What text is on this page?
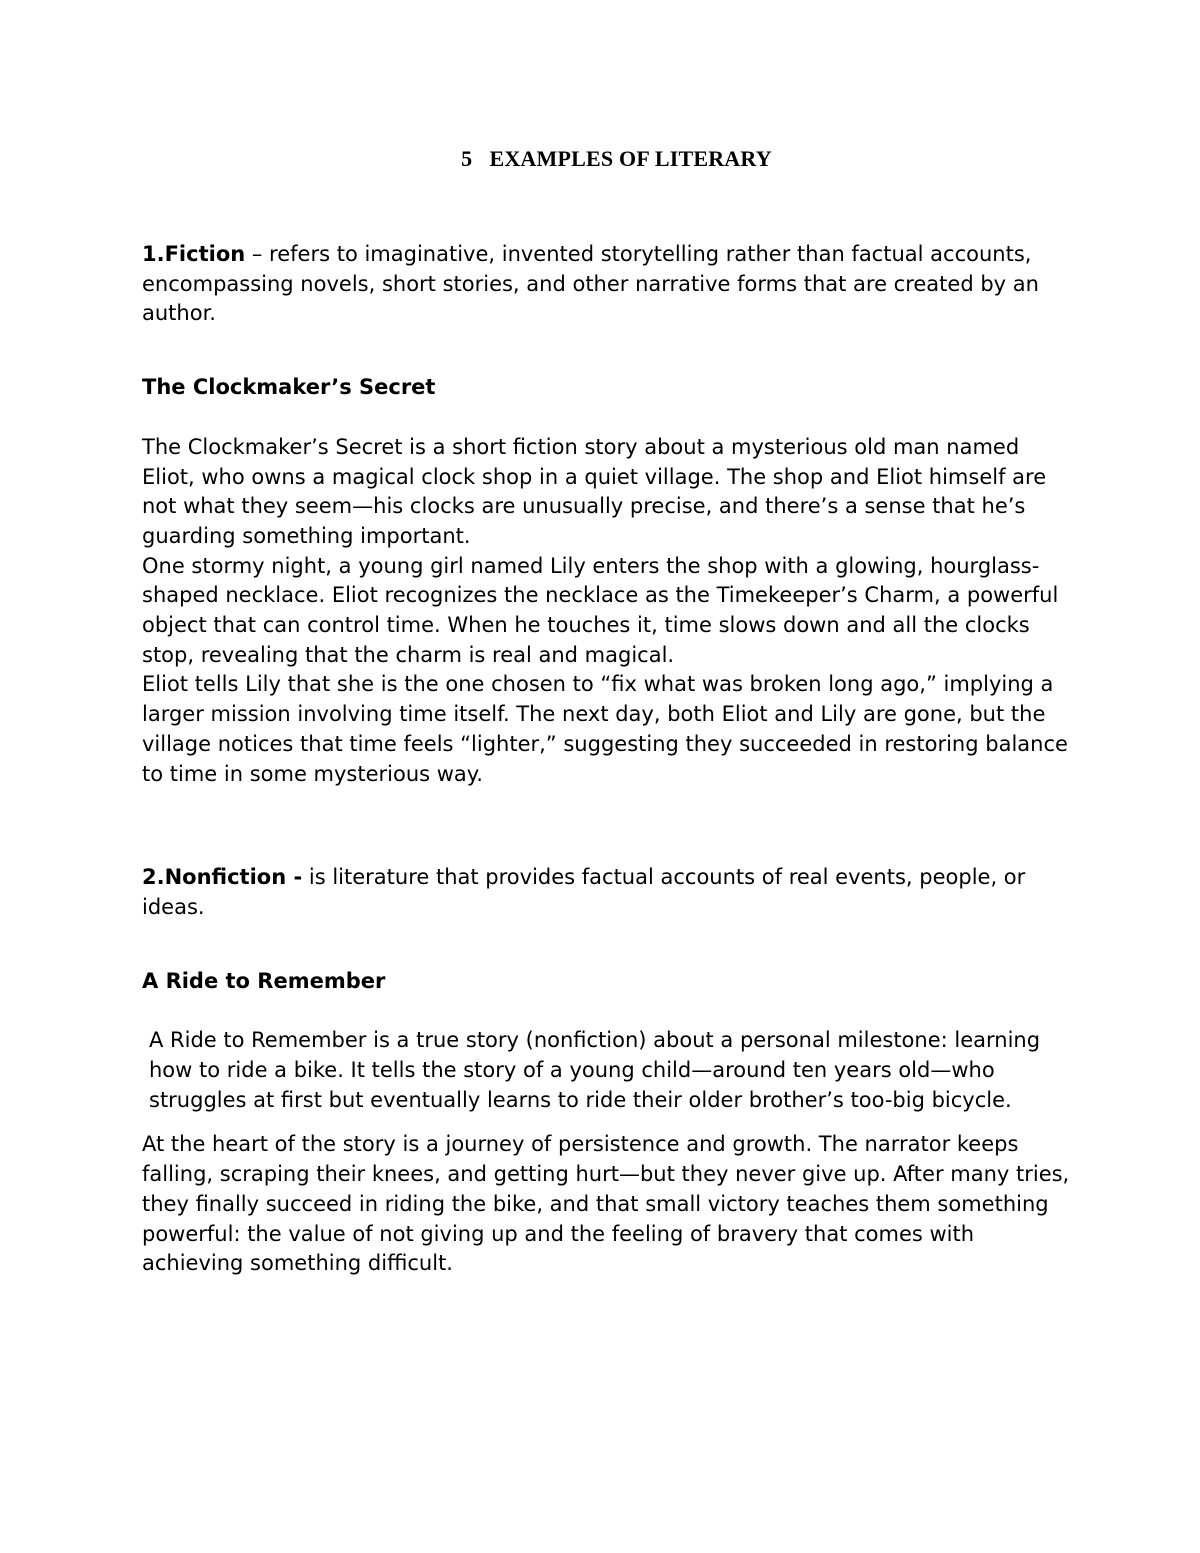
5   EXAMPLES OF LITERARY

1.Fiction – refers to imaginative, invented storytelling rather than factual accounts, encompassing novels, short stories, and other narrative forms that are created by an author.

The Clockmaker’s Secret

The Clockmaker’s Secret is a short fiction story about a mysterious old man named Eliot, who owns a magical clock shop in a quiet village. The shop and Eliot himself are not what they seem—his clocks are unusually precise, and there’s a sense that he’s guarding something important.

One stormy night, a young girl named Lily enters the shop with a glowing, hourglass-shaped necklace. Eliot recognizes the necklace as the Timekeeper’s Charm, a powerful object that can control time. When he touches it, time slows down and all the clocks stop, revealing that the charm is real and magical.

Eliot tells Lily that she is the one chosen to “fix what was broken long ago,” implying a larger mission involving time itself. The next day, both Eliot and Lily are gone, but the village notices that time feels “lighter,” suggesting they succeeded in restoring balance to time in some mysterious way.

2.Nonfiction - is literature that provides factual accounts of real events, people, or ideas.

A Ride to Remember

A Ride to Remember is a true story (nonfiction) about a personal milestone: learning how to ride a bike. It tells the story of a young child—around ten years old—who struggles at first but eventually learns to ride their older brother’s too-big bicycle.

At the heart of the story is a journey of persistence and growth. The narrator keeps falling, scraping their knees, and getting hurt—but they never give up. After many tries, they finally succeed in riding the bike, and that small victory teaches them something powerful: the value of not giving up and the feeling of bravery that comes with achieving something difficult.
